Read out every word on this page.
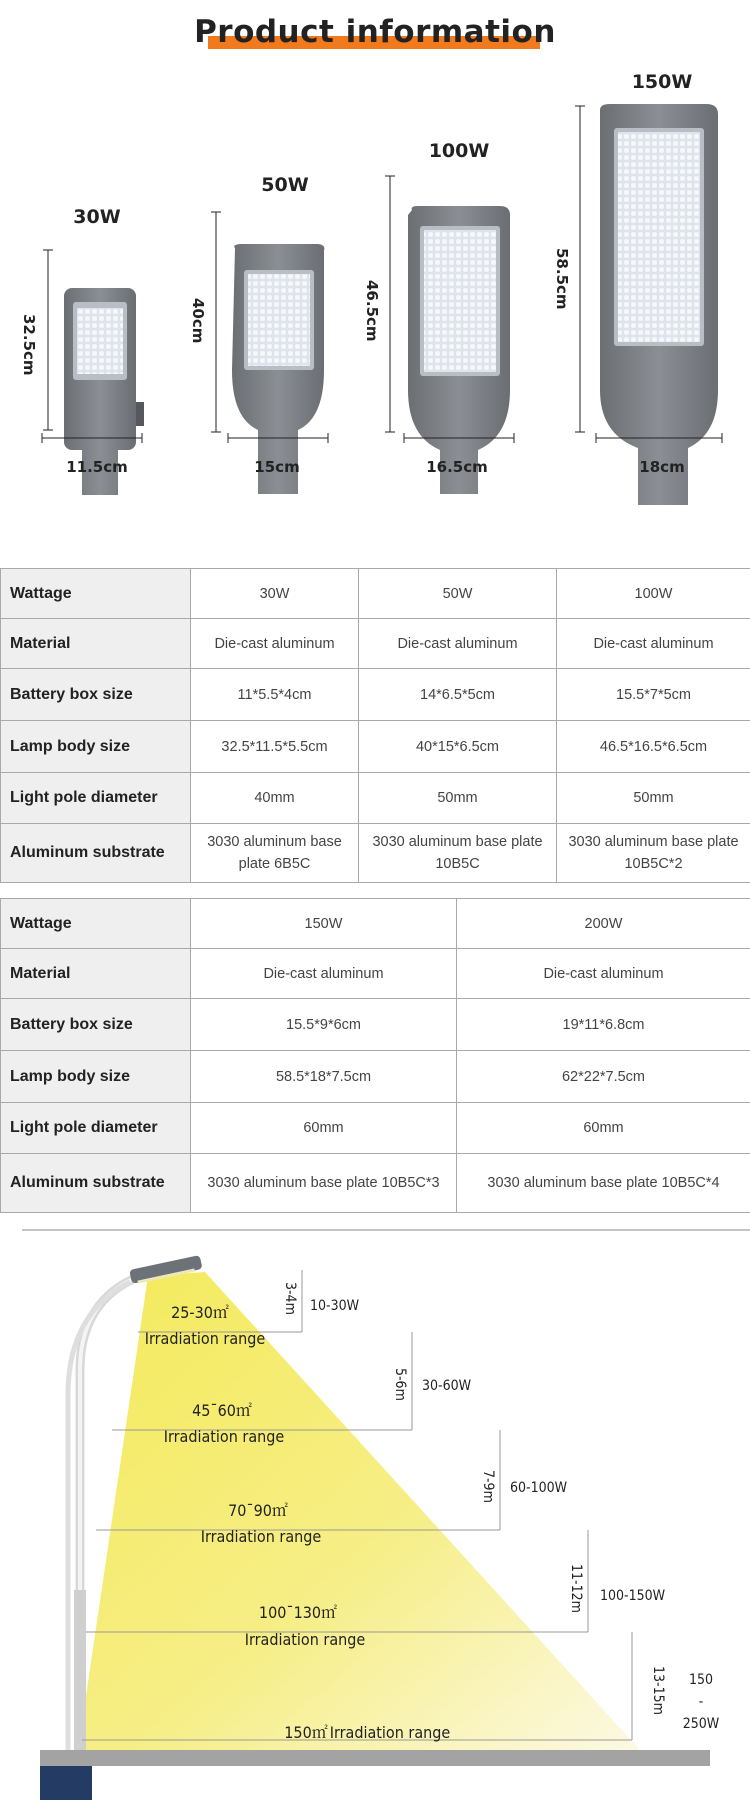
Product information
30W
50W
100W
150W
32.5cm	40cm	46.5cm
58.5cm
11.5cm	15cm	16.5cm	18cm
Wattage	30W	50W	100W
Material	Die-cast aluminum	Die-cast aluminum	Die-cast aluminum
Battery box size	11*5.5*4cm	14*6.5*5cm	15.5*7*5cm
Lamp body size	32.5*11.5*5.5cm	40*15*6.5cm	46.5*16.5*6.5cm
Light pole diameter	40mm	50mm	50mm
Aluminum substrate	3030 aluminum base plate 6B5C	3030 aluminum base plate 10B5C	3030 aluminum base plate 10B5C*2
Wattage	150W	200W
Material	Die-cast aluminum	Die-cast aluminum
Battery box size	15.5*9*6cm	19*11*6.8cm
Lamp body size	58.5*18*7.5cm	62*22*7.5cm
Light pole diameter	60mm	60mm
Aluminum substrate	3030 aluminum base plate 10B5C*3	3030 aluminum base plate 10B5C*4
25-30㎡
Irradiation range
45¯60㎡
Irradiation range
70¯90㎡
Irradiation range
100¯130㎡
Irradiation range
150㎡ Irradiation range
3-4m
5-6m
7-9m
11-12m
13-15m
10-30W
30-60W
60-100W
100-150W
150
-
250W
